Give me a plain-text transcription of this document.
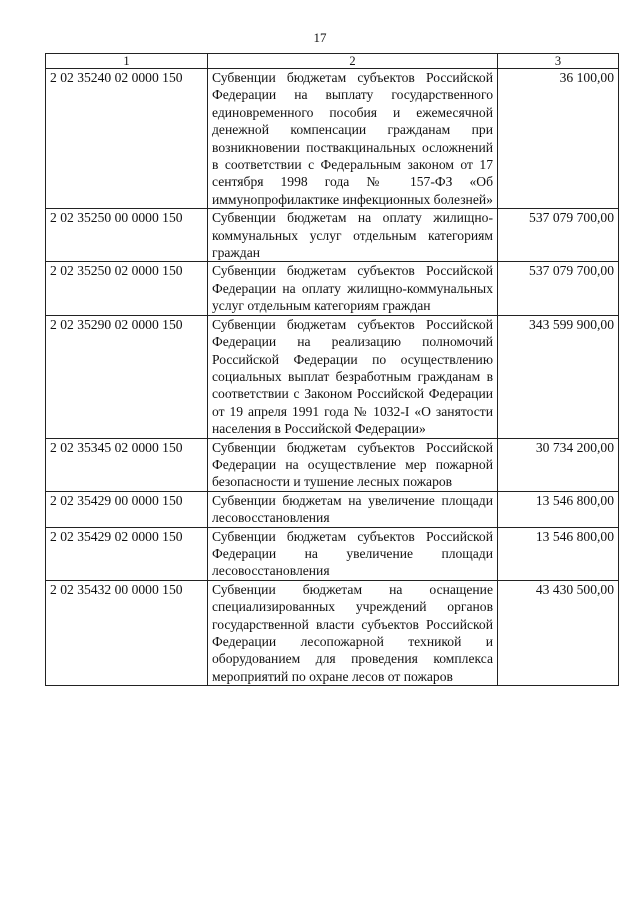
17
1	2	3
2 02 35240 02 0000 150	Субвенции бюджетам субъектов Российской Федерации на выплату государственного единовременного пособия и ежемесячной денежной компенсации гражданам при возникновении поствакцинальных осложнений в соответствии с Федеральным законом от 17 сентября 1998 года № 157-ФЗ «Об иммунопрофилактике инфекционных болезней»	36 100,00
2 02 35250 00 0000 150	Субвенции бюджетам на оплату жилищно-коммунальных услуг отдельным категориям граждан	537 079 700,00
2 02 35250 02 0000 150	Субвенции бюджетам субъектов Российской Федерации на оплату жилищно-коммунальных услуг отдельным категориям граждан	537 079 700,00
2 02 35290 02 0000 150	Субвенции бюджетам субъектов Российской Федерации на реализацию полномочий Российской Федерации по осуществлению социальных выплат безработным гражданам в соответствии с Законом Российской Федерации от 19 апреля 1991 года № 1032-I «О занятости населения в Российской Федерации»	343 599 900,00
2 02 35345 02 0000 150	Субвенции бюджетам субъектов Российской Федерации на осуществление мер пожарной безопасности и тушение лесных пожаров	30 734 200,00
2 02 35429 00 0000 150	Субвенции бюджетам на увеличение площади лесовосстановления	13 546 800,00
2 02 35429 02 0000 150	Субвенции бюджетам субъектов Российской Федерации на увеличение площади лесовосстановления	13 546 800,00
2 02 35432 00 0000 150	Субвенции бюджетам на оснащение специализированных учреждений органов государственной власти субъектов Российской Федерации лесопожарной техникой и оборудованием для проведения комплекса мероприятий по охране лесов от пожаров	43 430 500,00
